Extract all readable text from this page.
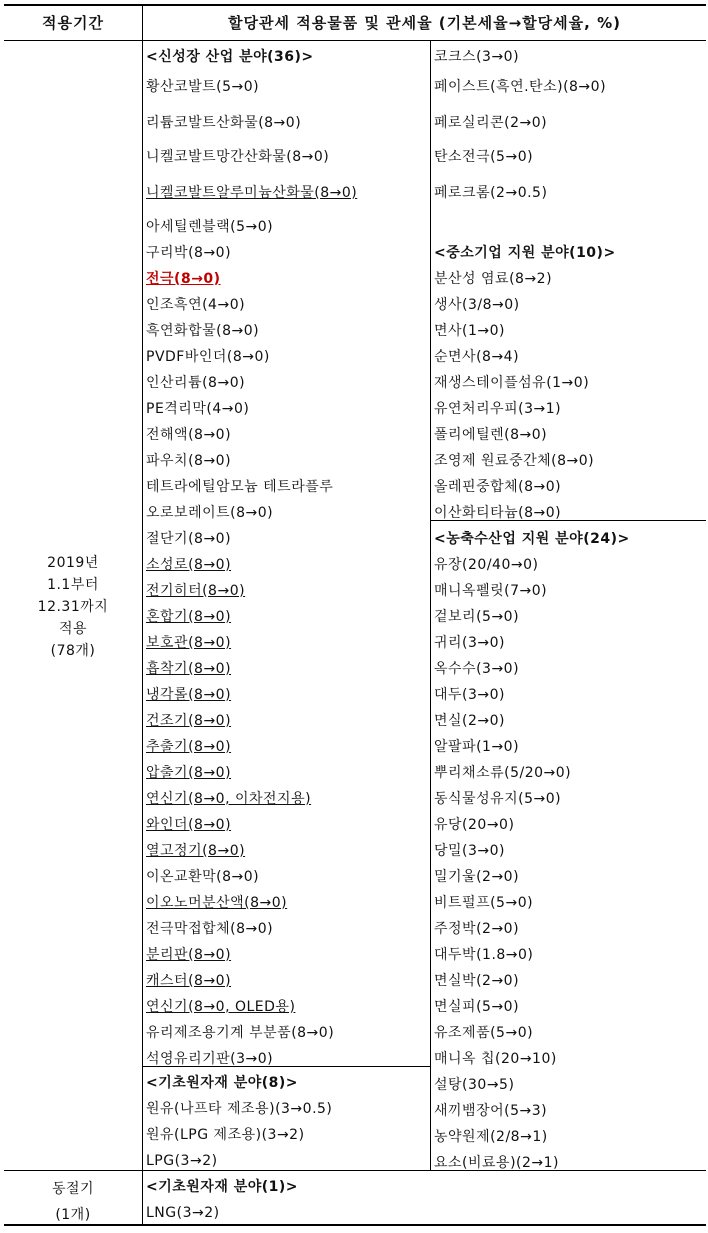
적용기간	할당관세 적용물품 및 관세율 (기본세율→할당세율, %)
2019년
1.1부터
12.31까지
적용
(78개)
동절기
(1개)
<신성장 산업 분야(36)>
황산코발트(5→0)
리튬코발트산화물(8→0)
니켈코발트망간산화물(8→0)
니켈코발트알루미늄산화물(8→0)
아세틸렌블랙(5→0)
구리박(8→0)
전극(8→0)
인조흑연(4→0)
흑연화합물(8→0)
PVDF바인더(8→0)
인산리튬(8→0)
PE격리막(4→0)
전해액(8→0)
파우치(8→0)
테트라에틸암모늄 테트라플루
오로보레이트(8→0)
절단기(8→0)
소성로(8→0)
전기히터(8→0)
혼합기(8→0)
보호관(8→0)
흡착기(8→0)
냉각롤(8→0)
건조기(8→0)
추출기(8→0)
압출기(8→0)
연신기(8→0, 이차전지용)
와인더(8→0)
열고정기(8→0)
이온교환막(8→0)
이오노머분산액(8→0)
전극막접합체(8→0)
분리판(8→0)
캐스터(8→0)
연신기(8→0, OLED용)
유리제조용기계 부분품(8→0)
석영유리기판(3→0)
<기초원자재 분야(8)>
원유(나프타 제조용)(3→0.5)
원유(LPG 제조용)(3→2)
LPG(3→2)
코크스(3→0)
페이스트(흑연.탄소)(8→0)
페로실리콘(2→0)
탄소전극(5→0)
페로크롬(2→0.5)
<중소기업 지원 분야(10)>
분산성 염료(8→2)
생사(3/8→0)
면사(1→0)
순면사(8→4)
재생스테이플섬유(1→0)
유연처리우피(3→1)
폴리에틸렌(8→0)
조영제 원료중간체(8→0)
올레핀중합체(8→0)
이산화티타늄(8→0)
<농축수산업 지원 분야(24)>
유장(20/40→0)
매니옥펠릿(7→0)
겉보리(5→0)
귀리(3→0)
옥수수(3→0)
대두(3→0)
면실(2→0)
알팔파(1→0)
뿌리채소류(5/20→0)
동식물성유지(5→0)
유당(20→0)
당밀(3→0)
밀기울(2→0)
비트펄프(5→0)
주정박(2→0)
대두박(1.8→0)
면실박(2→0)
면실피(5→0)
유조제품(5→0)
매니옥 칩(20→10)
설탕(30→5)
새끼뱀장어(5→3)
농약원제(2/8→1)
요소(비료용)(2→1)
<기초원자재 분야(1)>
LNG(3→2)
